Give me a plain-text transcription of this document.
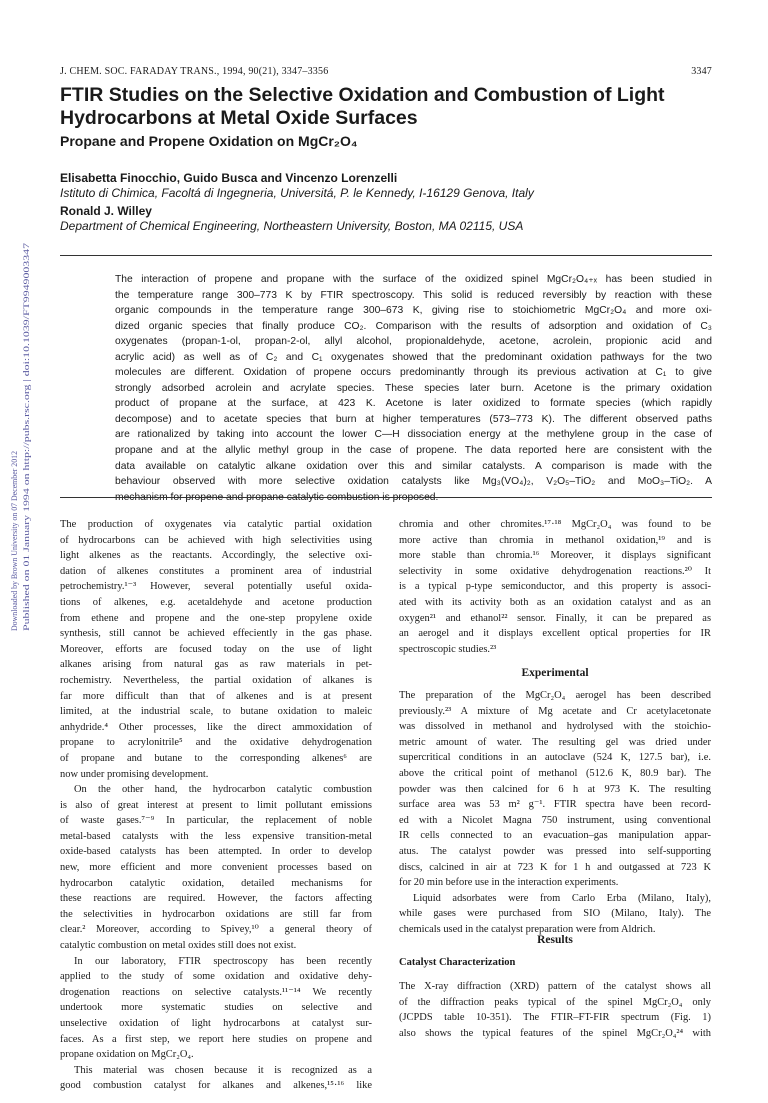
J. CHEM. SOC. FARADAY TRANS., 1994, 90(21), 3347–3356	3347
FTIR Studies on the Selective Oxidation and Combustion of Light Hydrocarbons at Metal Oxide Surfaces
Propane and Propene Oxidation on MgCr₂O₄
Elisabetta Finocchio, Guido Busca and Vincenzo Lorenzelli
Istituto di Chimica, Facoltá di Ingegneria, Universitá, P. le Kennedy, I-16129 Genova, Italy
Ronald J. Willey
Department of Chemical Engineering, Northeastern University, Boston, MA 02115, USA

The interaction of propene and propane with the surface of the oxidized spinel MgCr₂O₄₊ₓ has been studied in
the temperature range 300–773 K by FTIR spectroscopy. This solid is reduced reversibly by reaction with these
organic compounds in the temperature range 300–673 K, giving rise to stoichiometric MgCr₂O₄ and more oxi-
dized organic species that finally produce CO₂. Comparison with the results of adsorption and oxidation of C₃
oxygenates (propan-1-ol, propan-2-ol, allyl alcohol, propionaldehyde, acetone, acrolein, propionic acid and
acrylic acid) as well as of C₂ and C₁ oxygenates showed that the predominant oxidation pathways for the two
molecules are different. Oxidation of propene occurs predominantly through its previous activation at C₁ to give
strongly adsorbed acrolein and acrylate species. These species later burn. Acetone is the primary oxidation
product of propane at the surface, at 423 K. Acetone is later oxidized to formate species (which rapidly
decompose) and to acetate species that burn at higher temperatures (573–773 K). The different observed paths
are rationalized by taking into account the lower C—H dissociation energy at the methylene group in the case of
propane and at the allylic methyl group in the case of propene. The data reported here are consistent with the
data available on catalytic alkane oxidation over this and similar catalysts. A comparison is made with the
behaviour observed with more selective oxidation catalysts like Mg₃(VO₄)₂, V₂O₅–TiO₂ and MoO₃–TiO₂. A
mechanism for propene and propane catalytic combustion is proposed.

Downloaded by Brown University on 07 December 2012 Published on 01 January 1994 on http://pubs.rsc.org | doi:10.1039/FT9949003347	The production of oxygenates via catalytic partial oxidation
of hydrocarbons can be achieved with high selectivities using
light alkenes as the reactants. Accordingly, the selective oxi-
dation of alkenes constitutes a prominent area of industrial
petrochemistry.¹⁻³ However, several potentially useful oxida-
tions of alkenes, e.g. acetaldehyde and acetone production
from ethene and propene and the one-step propylene oxide
synthesis, still cannot be achieved effeciently in the gas phase.
Moreover, efforts are focused today on the use of light
alkanes arising from natural gas as raw materials in pet-
rochemistry. Nevertheless, the partial oxidation of alkanes is
far more difficult than that of alkenes and is at present
limited, at the industrial scale, to butane oxidation to maleic
anhydride.⁴ Other processes, like the direct ammoxidation of
propane to acrylonitrile⁵ and the oxidative dehydrogenation
of propane and butane to the corresponding alkenes⁶ are
now under promising development.

On the other hand, the hydrocarbon catalytic combustion
is also of great interest at present to limit pollutant emissions
of waste gases.⁷⁻⁹ In particular, the replacement of noble
metal-based catalysts with the less expensive transition-metal
oxide-based catalysts has been attempted. In order to develop
new, more efficient and more convenient processes based on
hydrocarbon catalytic oxidation, detailed mechanisms for
these reactions are required. However, the factors affecting
the selectivities in hydrocarbon oxidations are still far from
clear.² Moreover, according to Spivey,¹⁰ a general theory of
catalytic combustion on metal oxides still does not exist.

In our laboratory, FTIR spectroscopy has been recently
applied to the study of some oxidation and oxidative dehy-
drogenation reactions on selective catalysts.¹¹⁻¹⁴ We recently
undertook more systematic studies on selective and
unselective oxidation of light hydrocarbons at catalyst sur-
faces. As a first step, we report here studies on propene and
propane oxidation on MgCr₂O₄.

This material was chosen because it is recognized as a
good combustion catalyst for alkanes and alkenes,¹⁵·¹⁶ like

chromia and other chromites.¹⁷·¹⁸ MgCr₂O₄ was found to be
more active than chromia in methanol oxidation,¹⁹ and is
more stable than chromia.¹⁶ Moreover, it displays significant
selectivity in some oxidative dehydrogenation reactions.²⁰ It
is a typical p-type semiconductor, and this property is associ-
ated with its activity both as an oxidation catalyst and as an
oxygen²¹ and ethanol²² sensor. Finally, it can be prepared as
an aerogel and it displays excellent optical properties for IR
spectroscopic studies.²³

Experimental

The preparation of the MgCr₂O₄ aerogel has been described
previously.²³ A mixture of Mg acetate and Cr acetylacetonate
was dissolved in methanol and hydrolysed with the stoichio-
metric amount of water. The resulting gel was dried under
supercritical conditions in an autoclave (524 K, 127.5 bar), i.e.
above the critical point of methanol (512.6 K, 80.9 bar). The
powder was then calcined for 6 h at 973 K. The resulting
surface area was 53 m² g⁻¹. FTIR spectra have been record-
ed with a Nicolet Magna 750 instrument, using conventional
IR cells connected to an evacuation–gas manipulation appar-
atus. The catalyst powder was pressed into self-supporting
discs, calcined in air at 723 K for 1 h and outgassed at 723 K
for 20 min before use in the interaction experiments.

Liquid adsorbates were from Carlo Erba (Milano, Italy),
while gases were purchased from SIO (Milano, Italy). The
chemicals used in the catalyst preparation were from Aldrich.

Results
Catalyst Characterization

The X-ray diffraction (XRD) pattern of the catalyst shows all
of the diffraction peaks typical of the spinel MgCr₂O₄ only
(JCPDS table 10-351). The FTIR–FT-FIR spectrum (Fig. 1)
also shows the typical features of the spinel MgCr₂O₄²⁴ with
